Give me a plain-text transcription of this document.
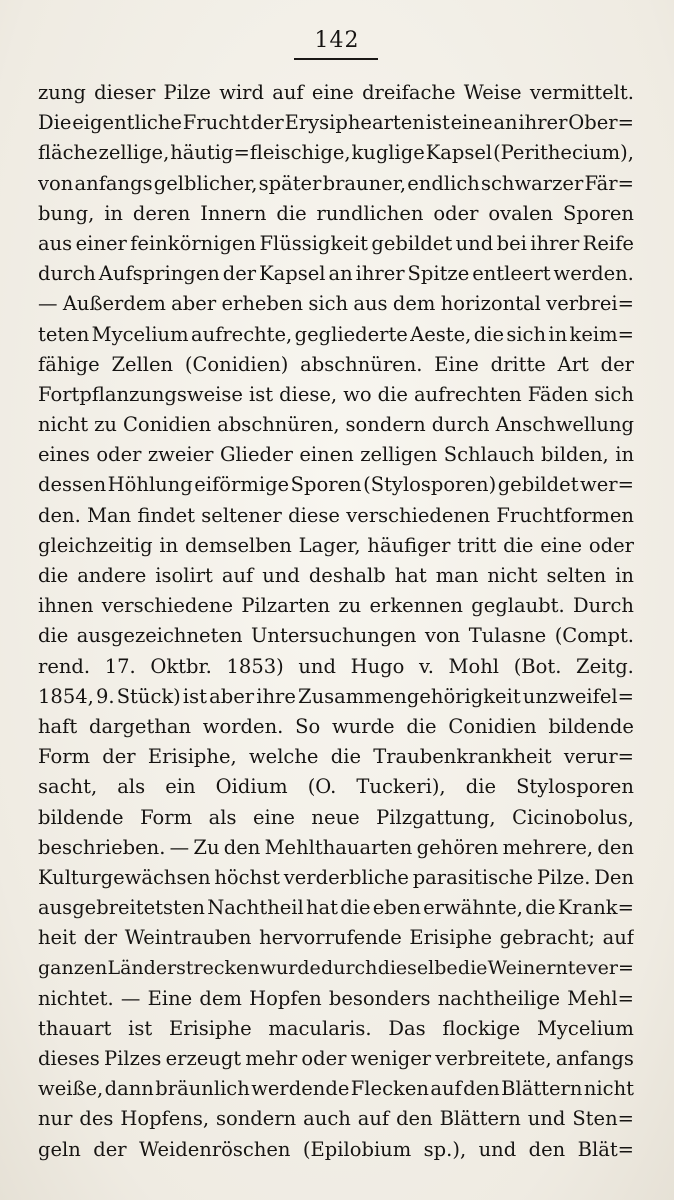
142
zung dieser Pilze wird auf eine dreifache Weise vermittelt.
Die eigentliche Frucht der Erysiphearten ist eine an ihrer Ober=
fläche zellige, häutig=fleischige, kuglige Kapsel (Perithecium),
von anfangs gelblicher, später brauner, endlich schwarzer Fär=
bung, in deren Innern die rundlichen oder ovalen Sporen
aus einer feinkörnigen Flüssigkeit gebildet und bei ihrer Reife
durch Aufspringen der Kapsel an ihrer Spitze entleert werden.
— Außerdem aber erheben sich aus dem horizontal verbrei=
teten Mycelium aufrechte, gegliederte Aeste, die sich in keim=
fähige Zellen (Conidien) abschnüren. Eine dritte Art der
Fortpflanzungsweise ist diese, wo die aufrechten Fäden sich
nicht zu Conidien abschnüren, sondern durch Anschwellung
eines oder zweier Glieder einen zelligen Schlauch bilden, in
dessen Höhlung eiförmige Sporen (Stylosporen) gebildet wer=
den. Man findet seltener diese verschiedenen Fruchtformen
gleichzeitig in demselben Lager, häufiger tritt die eine oder
die andere isolirt auf und deshalb hat man nicht selten in
ihnen verschiedene Pilzarten zu erkennen geglaubt. Durch
die ausgezeichneten Untersuchungen von Tulasne (Compt.
rend. 17. Oktbr. 1853) und Hugo v. Mohl (Bot. Zeitg.
1854, 9. Stück) ist aber ihre Zusammengehörigkeit unzweifel=
haft dargethan worden. So wurde die Conidien bildende
Form der Erisiphe, welche die Traubenkrankheit verur=
sacht, als ein Oidium (O. Tuckeri), die Stylosporen
bildende Form als eine neue Pilzgattung, Cicinobolus,
beschrieben. — Zu den Mehlthauarten gehören mehrere, den
Kulturgewächsen höchst verderbliche parasitische Pilze. Den
ausgebreitetsten Nachtheil hat die eben erwähnte, die Krank=
heit der Weintrauben hervorrufende Erisiphe gebracht; auf
ganzen Länderstrecken wurde durch dieselbe die Weinernte ver=
nichtet. — Eine dem Hopfen besonders nachtheilige Mehl=
thauart ist Erisiphe macularis. Das flockige Mycelium
dieses Pilzes erzeugt mehr oder weniger verbreitete, anfangs
weiße, dann bräunlich werdende Flecken auf den Blättern nicht
nur des Hopfens, sondern auch auf den Blättern und Sten=
geln der Weidenröschen (Epilobium sp.), und den Blät=
